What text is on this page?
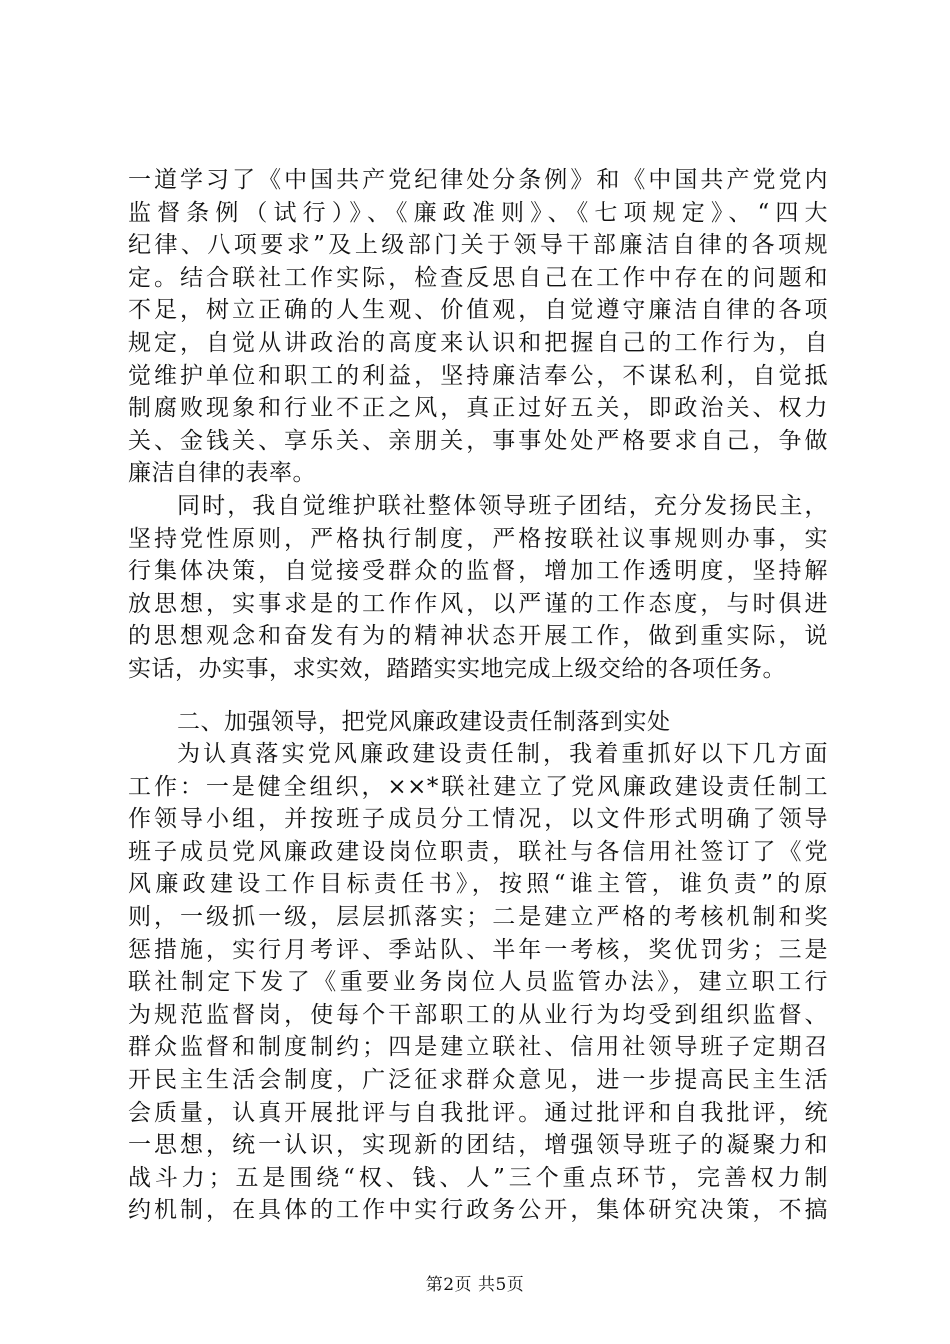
一道学习了《中国共产党纪律处分条例》和《中国共产党党内
监督条例（试行）》、《廉政准则》、《七项规定》、“四大
纪律、八项要求”及上级部门关于领导干部廉洁自律的各项规
定。结合联社工作实际，检查反思自己在工作中存在的问题和
不足，树立正确的人生观、价值观，自觉遵守廉洁自律的各项
规定，自觉从讲政治的高度来认识和把握自己的工作行为，自
觉维护单位和职工的利益，坚持廉洁奉公，不谋私利，自觉抵
制腐败现象和行业不正之风，真正过好五关，即政治关、权力
关、金钱关、享乐关、亲朋关，事事处处严格要求自己，争做
廉洁自律的表率。
同时，我自觉维护联社整体领导班子团结，充分发扬民主，
坚持党性原则，严格执行制度，严格按联社议事规则办事，实
行集体决策，自觉接受群众的监督，增加工作透明度，坚持解
放思想，实事求是的工作作风，以严谨的工作态度，与时俱进
的思想观念和奋发有为的精神状态开展工作，做到重实际，说
实话，办实事，求实效，踏踏实实地完成上级交给的各项任务。
二、加强领导，把党风廉政建设责任制落到实处
为认真落实党风廉政建设责任制，我着重抓好以下几方面
工作：一是健全组织，××*联社建立了党风廉政建设责任制工
作领导小组，并按班子成员分工情况，以文件形式明确了领导
班子成员党风廉政建设岗位职责，联社与各信用社签订了《党
风廉政建设工作目标责任书》，按照“谁主管，谁负责”的原
则，一级抓一级，层层抓落实；二是建立严格的考核机制和奖
惩措施，实行月考评、季站队、半年一考核，奖优罚劣；三是
联社制定下发了《重要业务岗位人员监管办法》，建立职工行
为规范监督岗，使每个干部职工的从业行为均受到组织监督、
群众监督和制度制约；四是建立联社、信用社领导班子定期召
开民主生活会制度，广泛征求群众意见，进一步提高民主生活
会质量，认真开展批评与自我批评。通过批评和自我批评，统
一思想，统一认识，实现新的团结，增强领导班子的凝聚力和
战斗力；五是围绕“权、钱、人”三个重点环节，完善权力制
约机制，在具体的工作中实行政务公开，集体研究决策，不搞
第2页 共5页
